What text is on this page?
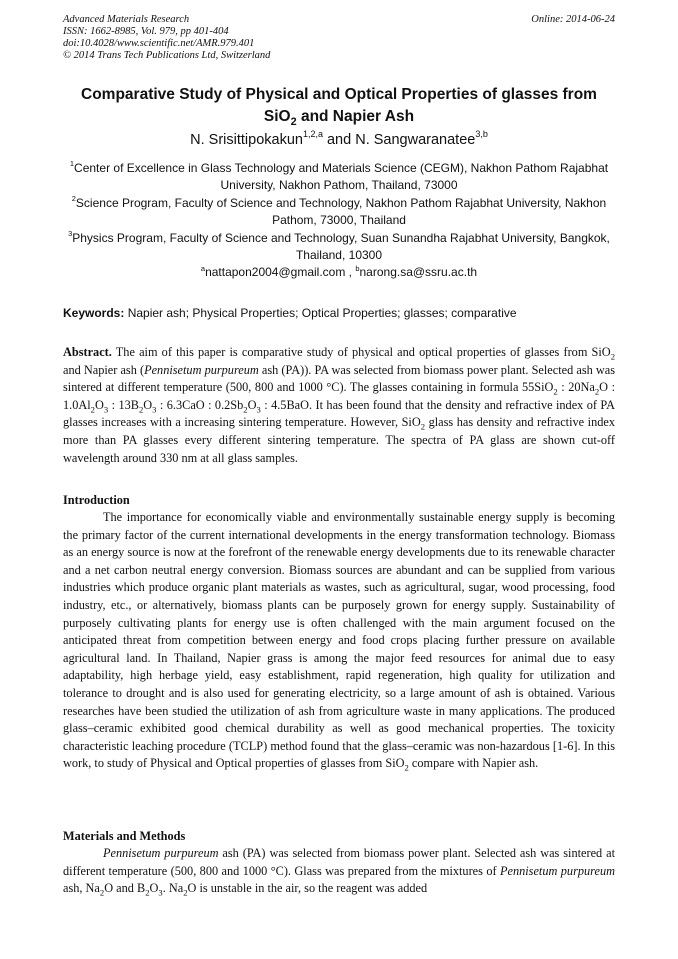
Advanced Materials Research
ISSN: 1662-8985, Vol. 979, pp 401-404
doi:10.4028/www.scientific.net/AMR.979.401
© 2014 Trans Tech Publications Ltd, Switzerland
Online: 2014-06-24
Comparative Study of Physical and Optical Properties of glasses from SiO$_2$ and Napier Ash
N. Srisittipokakun$^{1,2,a}$ and N. Sangwaranatee$^{3,b}$

$^1$Center of Excellence in Glass Technology and Materials Science (CEGM), Nakhon Pathom Rajabhat University, Nakhon Pathom, Thailand, 73000

$^2$Science Program, Faculty of Science and Technology, Nakhon Pathom Rajabhat University, Nakhon Pathom, 73000, Thailand

$^3$Physics Program, Faculty of Science and Technology, Suan Sunandha Rajabhat University, Bangkok, Thailand, 10300

$^a$nattapon2004@gmail.com , $^b$narong.sa@ssru.ac.th

Keywords: Napier ash; Physical Properties; Optical Properties; glasses; comparative
Abstract. The aim of this paper is comparative study of physical and optical properties of glasses from SiO$_2$ and Napier ash (Pennisetum purpureum ash (PA)). PA was selected from biomass power plant. Selected ash was sintered at different temperature (500, 800 and 1000 °C). The glasses containing in formula 55SiO$_2$ : $20Na_2O$ : $1.0Al_2O_3$ : $13B_2O_3$ : 6.3CaO : $0.2Sb_2O_3$ : 4.5BaO. It has been found that the density and refractive index of PA glasses increases with a increasing sintering temperature. However, SiO$_2$ glass has density and refractive index more than PA glasses every different sintering temperature. The spectra of PA glass are shown cut-off wavelength around 330 nm at all glass samples.
Introduction
The importance for economically viable and environmentally sustainable energy supply is becoming the primary factor of the current international developments in the energy transformation technology. Biomass as an energy source is now at the forefront of the renewable energy developments due to its renewable character and a net carbon neutral energy conversion. Biomass sources are abundant and can be supplied from various industries which produce organic plant materials as wastes, such as agricultural, sugar, wood processing, food industry, etc., or alternatively, biomass plants can be purposely grown for energy supply. Sustainability of purposely cultivating plants for energy use is often challenged with the main argument focused on the anticipated threat from competition between energy and food crops placing further pressure on available agricultural land. In Thailand, Napier grass is among the major feed resources for animal due to easy adaptability, high herbage yield, easy establishment, rapid regeneration, high quality for utilization and tolerance to drought and is also used for generating electricity, so a large amount of ash is obtained. Various researches have been studied the utilization of ash from agriculture waste in many applications. The produced glass–ceramic exhibited good chemical durability as well as good mechanical properties. The toxicity characteristic leaching procedure (TCLP) method found that the glass–ceramic was non-hazardous [1-6]. In this work, to study of Physical and Optical properties of glasses from SiO$_2$ compare with Napier ash.
Materials and Methods
Pennisetum purpureum ash (PA) was selected from biomass power plant. Selected ash was sintered at different temperature (500, 800 and 1000 °C). Glass was prepared from the mixtures of Pennisetum purpureum ash, $Na_2O$ and $B_2O_3$. $Na_2O$ is unstable in the air, so the reagent was added
